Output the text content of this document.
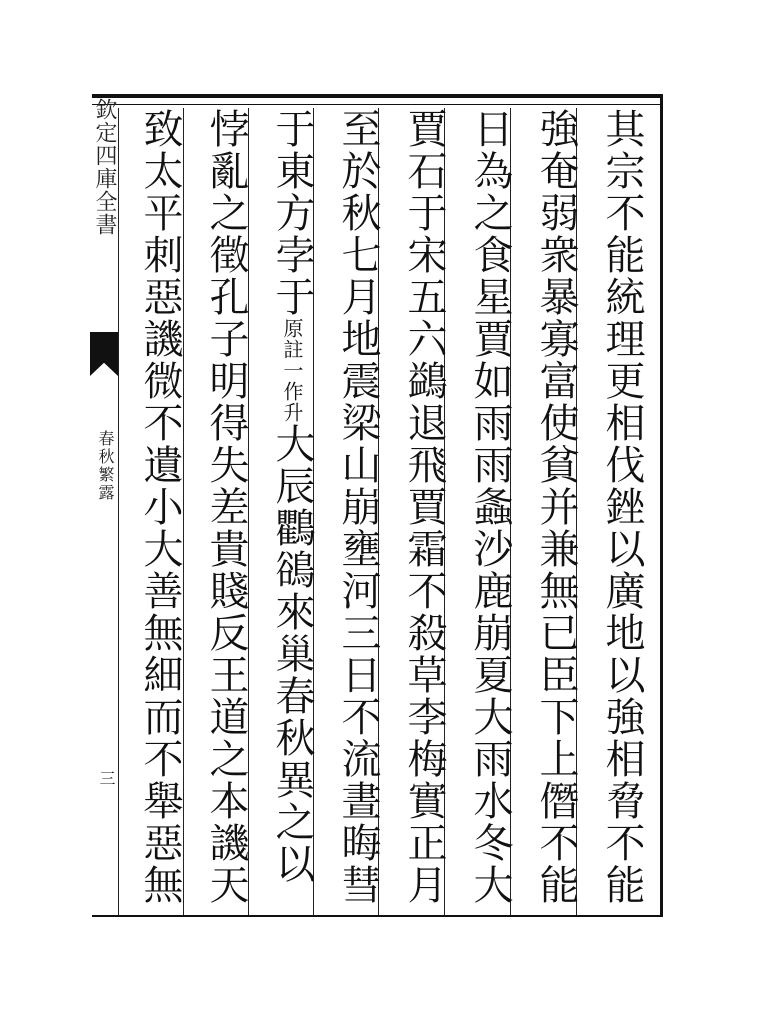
欽定四庫全書
春秋繁露
三
其宗不能統理更相伐銼以廣地以強相脅不能
強奄弱衆暴寡富使貧并兼無已臣下上僭不能
日為之食星賈如雨雨螽沙鹿崩夏大雨水冬大
賈石于宋五六鷁退飛賈霜不殺草李梅實正月
至於秋七月地震梁山崩壅河三日不流晝晦彗
于東方孛于原註一作升大辰鸜鵒來巢春秋異之以
悖亂之徵孔子明得失差貴賤反王道之本譏天
致太平刺惡譏微不遺小大善無細而不舉惡無
